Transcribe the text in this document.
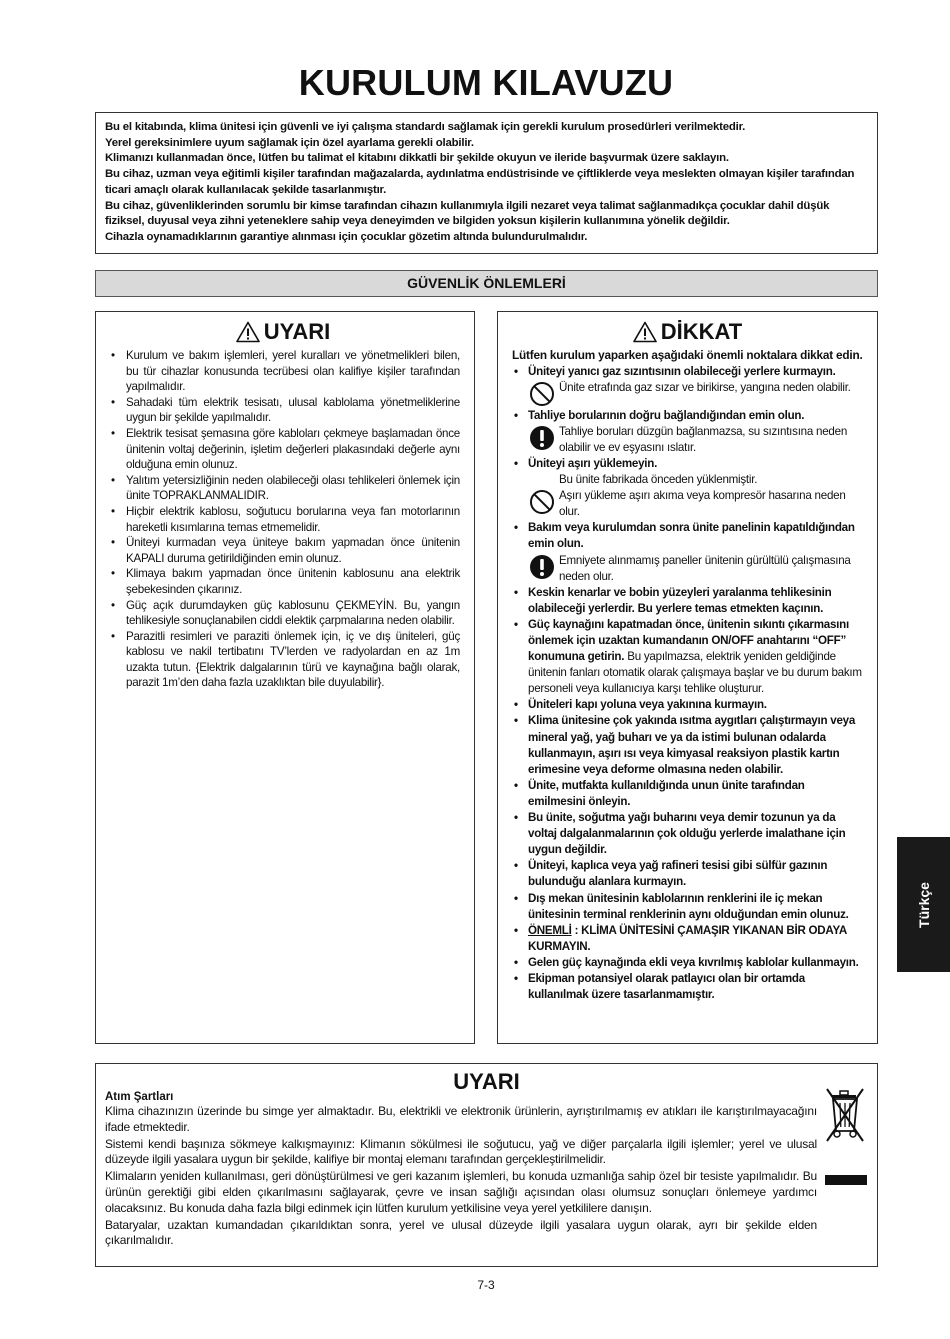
KURULUM KILAVUZU

Bu el kitabında, klima ünitesi için güvenli ve iyi çalışma standardı sağlamak için gerekli kurulum prosedürleri verilmektedir.

Yerel gereksinimlere uyum sağlamak için özel ayarlama gerekli olabilir.

Klimanızı kullanmadan önce, lütfen bu talimat el kitabını dikkatli bir şekilde okuyun ve ileride başvurmak üzere saklayın.

Bu cihaz, uzman veya eğitimli kişiler tarafından mağazalarda, aydınlatma endüstrisinde ve çiftliklerde veya meslekten olmayan kişiler tarafından ticari amaçlı olarak kullanılacak şekilde tasarlanmıştır.

Bu cihaz, güvenliklerinden sorumlu bir kimse tarafından cihazın kullanımıyla ilgili nezaret veya talimat sağlanmadıkça çocuklar dahil düşük fiziksel, duyusal veya zihni yeteneklere sahip veya deneyimden ve bilgiden yoksun kişilerin kullanımına yönelik değildir.

Cihazla oynamadıklarının garantiye alınması için çocuklar gözetim altında bulundurulmalıdır.

GÜVENLİK ÖNLEMLERİ
UYARI
• Kurulum ve bakım işlemleri, yerel kuralları ve yönetmelikleri bilen, bu tür cihazlar konusunda tecrübesi olan kalifiye kişiler tarafından yapılmalıdır.
• Sahadaki tüm elektrik tesisatı, ulusal kablolama yönetmeliklerine uygun bir şekilde yapılmalıdır.
• Elektrik tesisat şemasına göre kabloları çekmeye başlamadan önce ünitenin voltaj değerinin, işletim değerleri plakasındaki değerle aynı olduğuna emin olunuz.
• Yalıtım yetersizliğinin neden olabileceği olası tehlikeleri önlemek için ünite TOPRAKLANMALIDIR.
• Hiçbir elektrik kablosu, soğutucu borularına veya fan motorlarının hareketli kısımlarına temas etmemelidir.
• Üniteyi kurmadan veya üniteye bakım yapmadan önce ünitenin KAPALI duruma getirildiğinden emin olunuz.
• Klimaya bakım yapmadan önce ünitenin kablosunu ana elektrik şebekesinden çıkarınız.
• Güç açık durumdayken güç kablosunu ÇEKMEYİN. Bu, yangın tehlikesiyle sonuçlanabilen ciddi elektik çarpmalarına neden olabilir.
• Parazitli resimleri ve paraziti önlemek için, iç ve dış üniteleri, güç kablosu ve nakil tertibatını TV’lerden ve radyolardan en az 1m uzakta tutun. {Elektrik dalgalarının türü ve kaynağına bağlı olarak, parazit 1m’den daha fazla uzaklıktan bile duyulabilir}.
DİKKAT
Lütfen kurulum yaparken aşağıdaki önemli noktalara dikkat edin.
• Üniteyi yanıcı gaz sızıntısının olabileceği yerlere kurmayın.
Ünite etrafında gaz sızar ve birikirse, yangına neden olabilir.
• Tahliye borularının doğru bağlandığından emin olun.
Tahliye boruları düzgün bağlanmazsa, su sızıntısına neden olabilir ve ev eşyasını ıslatır.
• Üniteyi aşırı yüklemeyin.
Bu ünite fabrikada önceden yüklenmiştir.
Aşırı yükleme aşırı akıma veya kompresör hasarına neden olur.
• Bakım veya kurulumdan sonra ünite panelinin kapatıldığından emin olun.
Emniyete alınmamış paneller ünitenin gürültülü çalışmasına neden olur.
• Keskin kenarlar ve bobin yüzeyleri yaralanma tehlikesinin olabileceği yerlerdir. Bu yerlere temas etmekten kaçının.
• Güç kaynağını kapatmadan önce, ünitenin sıkıntı çıkarmasını önlemek için uzaktan kumandanın ON/OFF anahtarını “OFF” konumuna getirin. Bu yapılmazsa, elektrik yeniden geldiğinde ünitenin fanları otomatik olarak çalışmaya başlar ve bu durum bakım personeli veya kullanıcıya karşı tehlike oluşturur.
• Üniteleri kapı yoluna veya yakınına kurmayın.
• Klima ünitesine çok yakında ısıtma aygıtları çalıştırmayın veya mineral yağ, yağ buharı ve ya da istimi bulunan odalarda kullanmayın, aşırı ısı veya kimyasal reaksiyon plastik kartın erimesine veya deforme olmasına neden olabilir.
• Ünite, mutfakta kullanıldığında unun ünite tarafından emilmesini önleyin.
• Bu ünite, soğutma yağı buharını veya demir tozunun ya da voltaj dalgalanmalarının çok olduğu yerlerde imalathane için uygun değildir.
• Üniteyi, kaplıca veya yağ rafineri tesisi gibi sülfür gazının bulunduğu alanlara kurmayın.
• Dış mekan ünitesinin kablolarının renklerini ile iç mekan ünitesinin terminal renklerinin aynı olduğundan emin olunuz.
• ÖNEMLİ : KLİMA ÜNİTESİNİ ÇAMAŞIR YIKANAN BİR ODAYA KURMAYIN.
• Gelen güç kaynağında ekli veya kıvrılmış kablolar kullanmayın.
• Ekipman potansiyel olarak patlayıcı olan bir ortamda kullanılmak üzere tasarlanmamıştır.
UYARI
Atım Şartları

Klima cihazınızın üzerinde bu simge yer almaktadır. Bu, elektrikli ve elektronik ürünlerin, ayrıştırılmamış ev atıkları ile karıştırılmayacağını ifade etmektedir.

Sistemi kendi başınıza sökmeye kalkışmayınız: Klimanın sökülmesi ile soğutucu, yağ ve diğer parçalarla ilgili işlemler; yerel ve ulusal düzeyde ilgili yasalara uygun bir şekilde, kalifiye bir montaj elemanı tarafından gerçekleştirilmelidir.

Klimaların yeniden kullanılması, geri dönüştürülmesi ve geri kazanım işlemleri, bu konuda uzmanlığa sahip özel bir tesiste yapılmalıdır. Bu ürünün gerektiği gibi elden çıkarılmasını sağlayarak, çevre ve insan sağlığı açısından olası olumsuz sonuçları önlemeye yardımcı olacaksınız. Bu konuda daha fazla bilgi edinmek için lütfen kurulum yetkilisine veya yerel yetkililere danışın.

Bataryalar, uzaktan kumandadan çıkarıldıktan sonra, yerel ve ulusal düzeyde ilgili yasalara uygun olarak, ayrı bir şekilde elden çıkarılmalıdır.

Türkçe
7-3
